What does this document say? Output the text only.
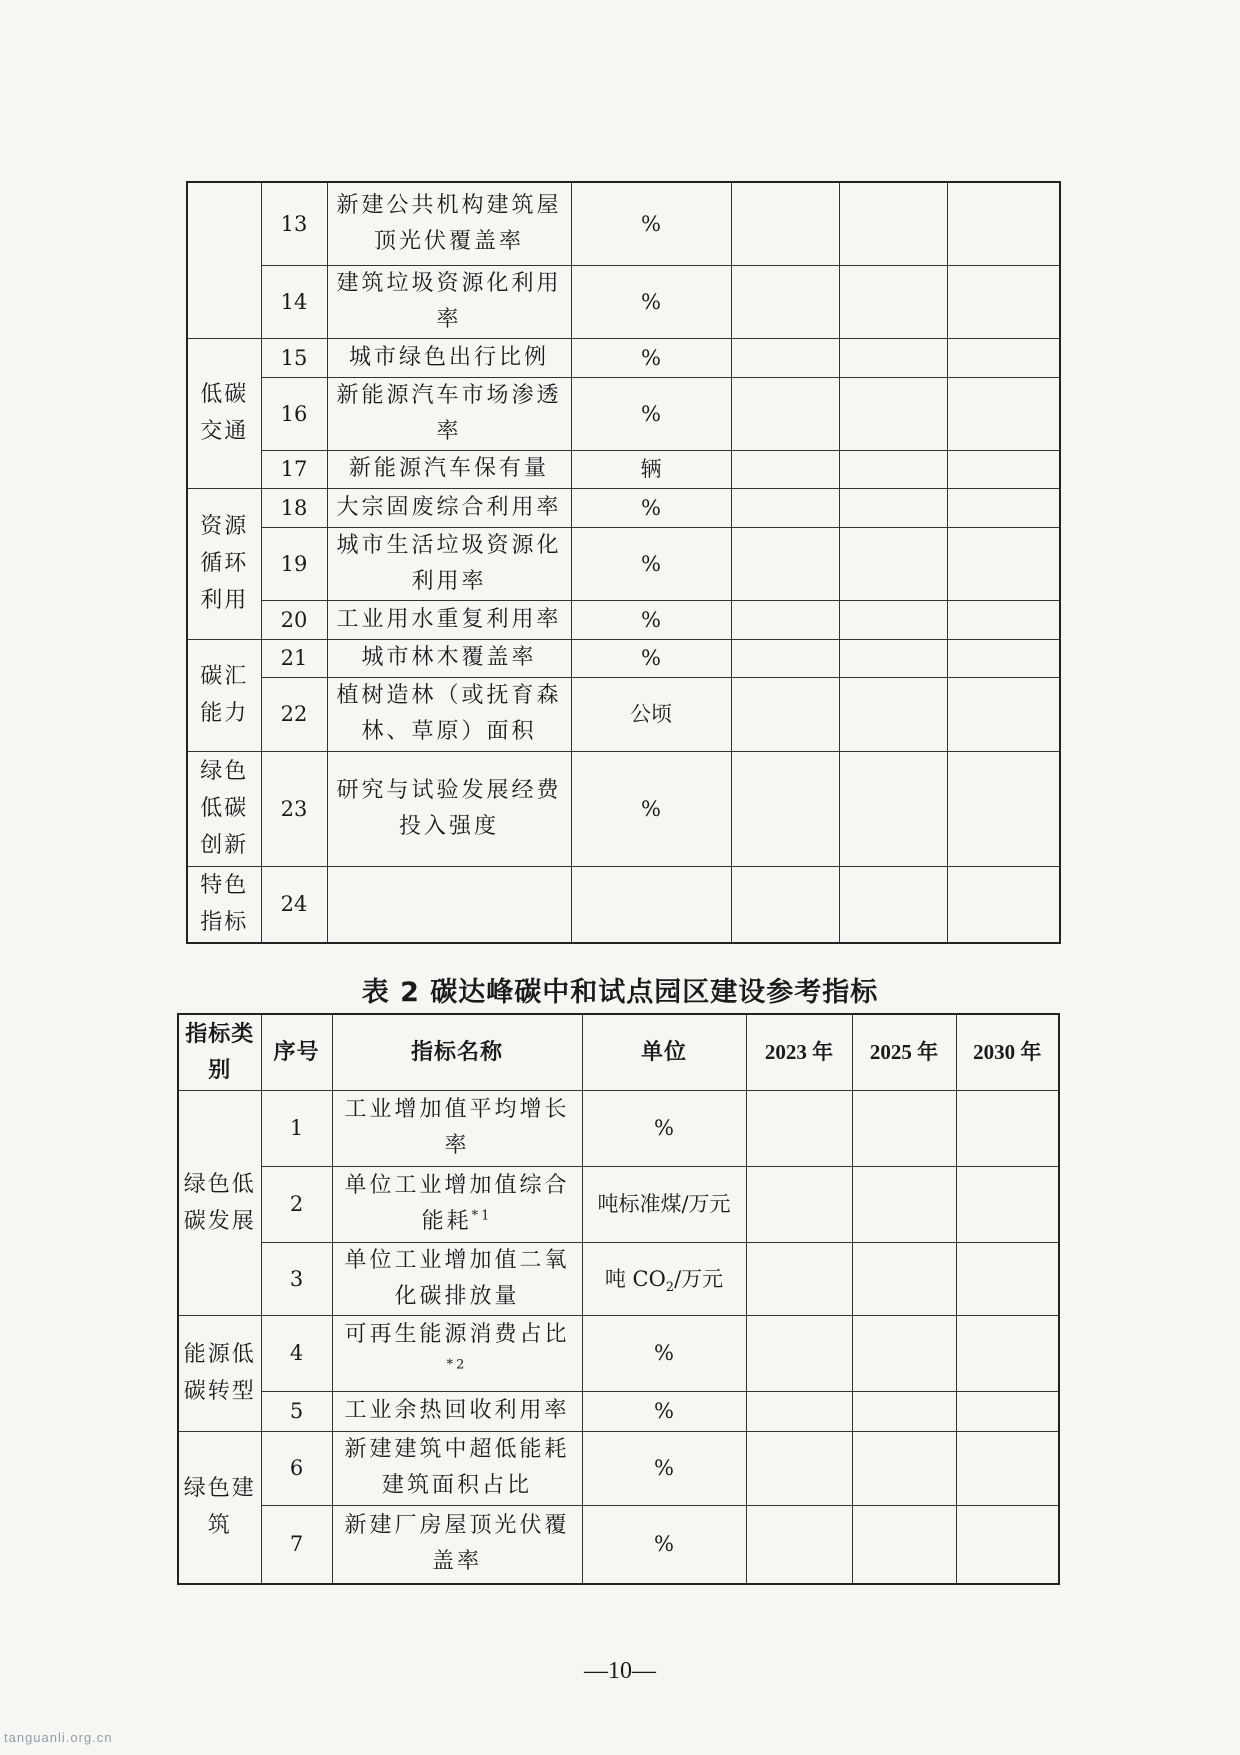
	13	新建公共机构建筑屋顶光伏覆盖率	%			
	14	建筑垃圾资源化利用率	%			
低碳交通	15	城市绿色出行比例	%			
	16	新能源汽车市场渗透率	%			
	17	新能源汽车保有量	辆			
资源循环利用	18	大宗固废综合利用率	%			
	19	城市生活垃圾资源化利用率	%			
	20	工业用水重复利用率	%			
碳汇能力	21	城市林木覆盖率	%			
	22	植树造林（或抚育森林、草原）面积	公顷			
绿色低碳创新	23	研究与试验发展经费投入强度	%			
特色指标	24					
表 2 碳达峰碳中和试点园区建设参考指标
指标类别	序号	指标名称	单位	2023 年	2025 年	2030 年
绿色低碳发展	1	工业增加值平均增长率	%			
	2	单位工业增加值综合能耗$^{*1}$	吨标准煤/万元			
	3	单位工业增加值二氧化碳排放量	吨 $CO_2/$万元			
能源低碳转型	4	可再生能源消费占比$^{*2}$	%			
	5	工业余热回收利用率	%			
绿色建筑	6	新建建筑中超低能耗建筑面积占比	%			
	7	新建厂房屋顶光伏覆盖率	%			
—10—
tanguanli.org.cn
